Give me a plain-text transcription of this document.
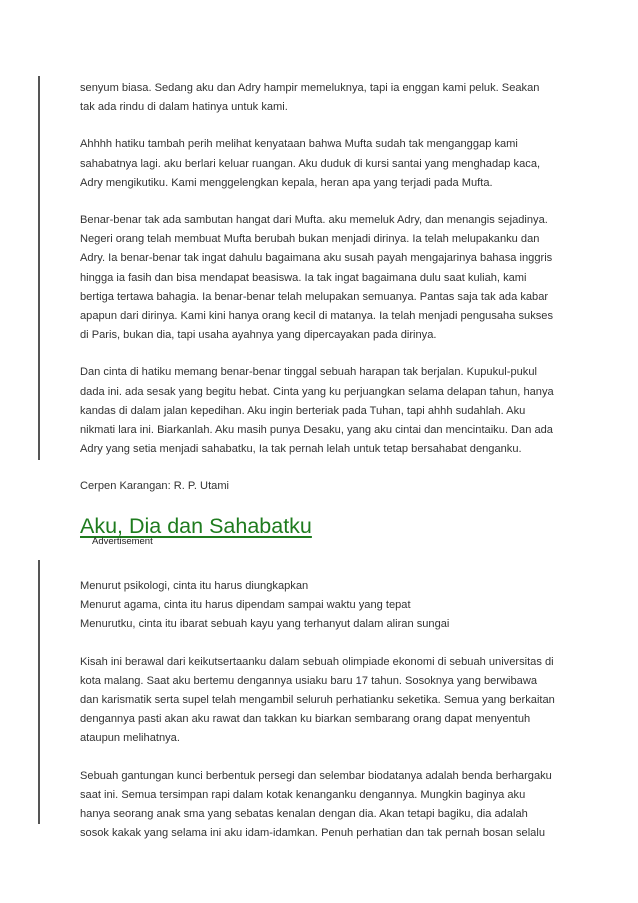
senyum biasa. Sedang aku dan Adry hampir memeluknya, tapi ia enggan kami peluk. Seakan
tak ada rindu di dalam hatinya untuk kami.

Ahhhh hatiku tambah perih melihat kenyataan bahwa Mufta sudah tak menganggap kami
sahabatnya lagi. aku berlari keluar ruangan. Aku duduk di kursi santai yang menghadap kaca,
Adry mengikutiku. Kami menggelengkan kepala, heran apa yang terjadi pada Mufta.

Benar-benar tak ada sambutan hangat dari Mufta. aku memeluk Adry, dan menangis sejadinya.
Negeri orang telah membuat Mufta berubah bukan menjadi dirinya. Ia telah melupakanku dan
Adry. Ia benar-benar tak ingat dahulu bagaimana aku susah payah mengajarinya bahasa inggris
hingga ia fasih dan bisa mendapat beasiswa. Ia tak ingat bagaimana dulu saat kuliah, kami
bertiga tertawa bahagia. Ia benar-benar telah melupakan semuanya. Pantas saja tak ada kabar
apapun dari dirinya. Kami kini hanya orang kecil di matanya. Ia telah menjadi pengusaha sukses
di Paris, bukan dia, tapi usaha ayahnya yang dipercayakan pada dirinya.

Dan cinta di hatiku memang benar-benar tinggal sebuah harapan tak berjalan. Kupukul-pukul
dada ini. ada sesak yang begitu hebat. Cinta yang ku perjuangkan selama delapan tahun, hanya
kandas di dalam jalan kepedihan. Aku ingin berteriak pada Tuhan, tapi ahhh sudahlah. Aku
nikmati lara ini. Biarkanlah. Aku masih punya Desaku, yang aku cintai dan mencintaiku. Dan ada
Adry yang setia menjadi sahabatku, Ia tak pernah lelah untuk tetap bersahabat denganku.

Cerpen Karangan: R. P. Utami

Aku, Dia dan Sahabatku
Advertisement

Menurut psikologi, cinta itu harus diungkapkan
Menurut agama, cinta itu harus dipendam sampai waktu yang tepat
Menurutku, cinta itu ibarat sebuah kayu yang terhanyut dalam aliran sungai

Kisah ini berawal dari keikutsertaanku dalam sebuah olimpiade ekonomi di sebuah universitas di
kota malang. Saat aku bertemu dengannya usiaku baru 17 tahun. Sosoknya yang berwibawa
dan karismatik serta supel telah mengambil seluruh perhatianku seketika. Semua yang berkaitan
dengannya pasti akan aku rawat dan takkan ku biarkan sembarang orang dapat menyentuh
ataupun melihatnya.

Sebuah gantungan kunci berbentuk persegi dan selembar biodatanya adalah benda berhargaku
saat ini. Semua tersimpan rapi dalam kotak kenanganku dengannya. Mungkin baginya aku
hanya seorang anak sma yang sebatas kenalan dengan dia. Akan tetapi bagiku, dia adalah
sosok kakak yang selama ini aku idam-idamkan. Penuh perhatian dan tak pernah bosan selalu
